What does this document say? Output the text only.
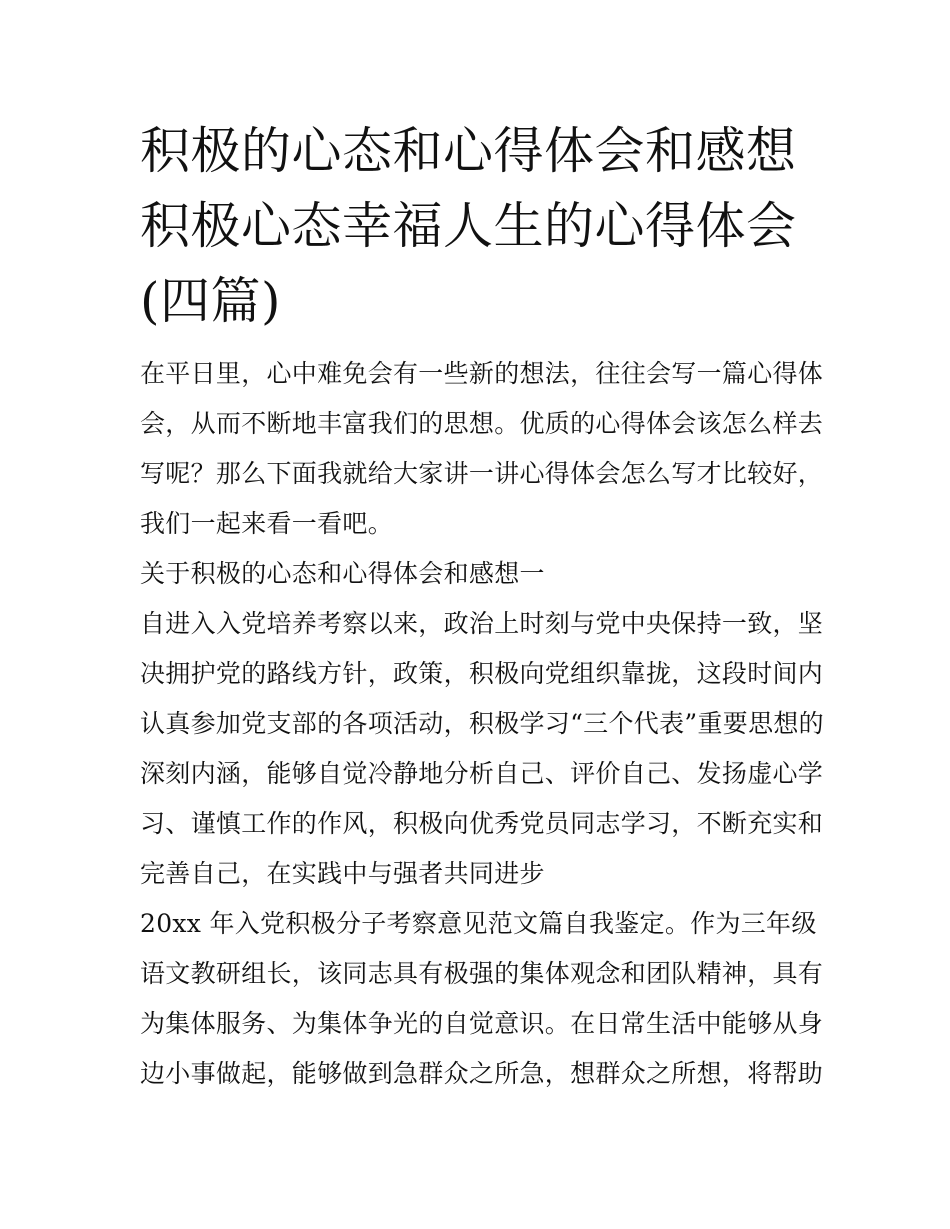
积极的心态和心得体会和感想
积极心态幸福人生的心得体会
(四篇)

在平日里，心中难免会有一些新的想法，往往会写一篇心得体
会，从而不断地丰富我们的思想。优质的心得体会该怎么样去
写呢？那么下面我就给大家讲一讲心得体会怎么写才比较好，
我们一起来看一看吧。

关于积极的心态和心得体会和感想一

自进入入党培养考察以来，政治上时刻与党中央保持一致，坚
决拥护党的路线方针，政策，积极向党组织靠拢，这段时间内
认真参加党支部的各项活动，积极学习“三个代表”重要思想的
深刻内涵，能够自觉冷静地分析自己、评价自己、发扬虚心学
习、谨慎工作的作风，积极向优秀党员同志学习，不断充实和
完善自己，在实践中与强者共同进步

20xx 年入党积极分子考察意见范文篇自我鉴定。作为三年级
语文教研组长，该同志具有极强的集体观念和团队精神，具有
为集体服务、为集体争光的自觉意识。在日常生活中能够从身
边小事做起，能够做到急群众之所急，想群众之所想，将帮助
